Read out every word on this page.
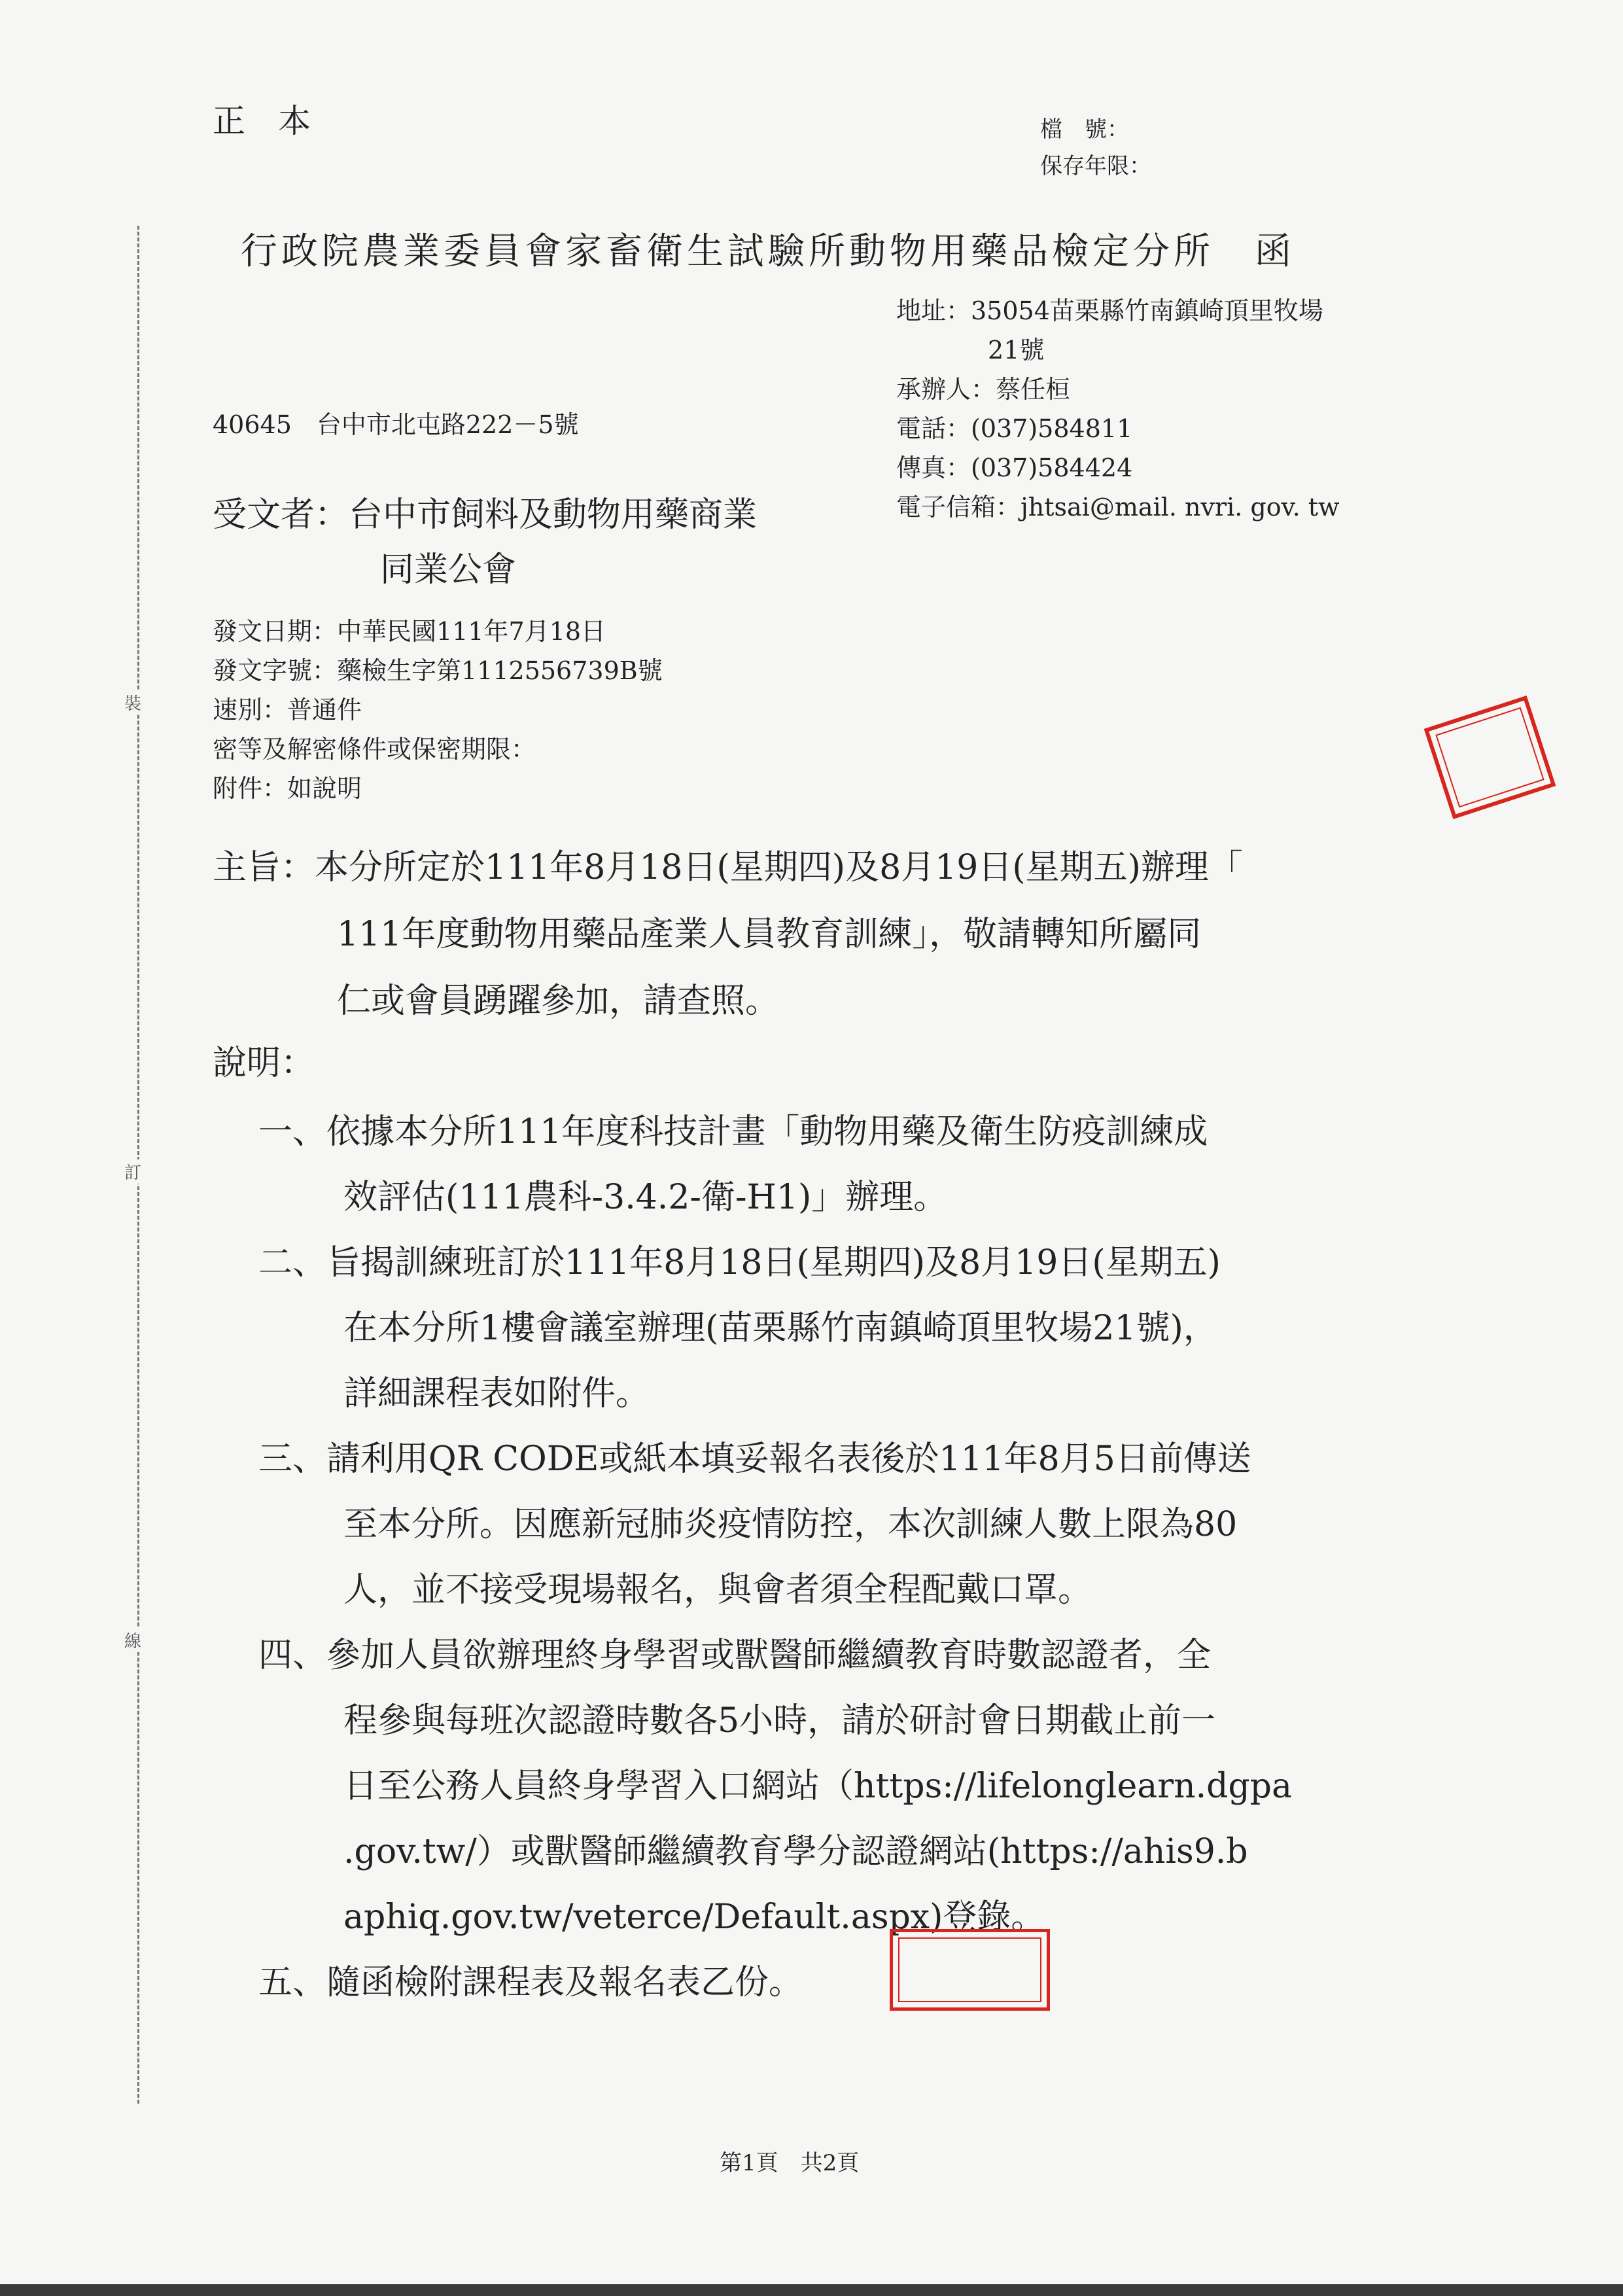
裝
訂
線
正本	檔　號：
保存年限：
行政院農業委員會家畜衛生試驗所動物用藥品檢定分所　函
地址：35054苗栗縣竹南鎮崎頂里牧場
21號
承辦人：蔡任桓
電話：(037)584811
傳真：(037)584424
電子信箱：jhtsai@mail. nvri. gov. tw
40645　台中市北屯路222－5號
受文者：台中市飼料及動物用藥商業
同業公會
發文日期：中華民國111年7月18日
發文字號：藥檢生字第1112556739B號
速別：普通件
密等及解密條件或保密期限：
附件：如說明
主旨：本分所定於111年8月18日(星期四)及8月19日(星期五)辦理「
111年度動物用藥品產業人員教育訓練」，敬請轉知所屬同
仁或會員踴躍參加，請查照。
說明：
一、依據本分所111年度科技計畫「動物用藥及衛生防疫訓練成
效評估(111農科-3.4.2-衛-H1)」辦理。
二、旨揭訓練班訂於111年8月18日(星期四)及8月19日(星期五)
在本分所1樓會議室辦理(苗栗縣竹南鎮崎頂里牧場21號)，
詳細課程表如附件。
三、請利用QR CODE或紙本填妥報名表後於111年8月5日前傳送
至本分所。因應新冠肺炎疫情防控，本次訓練人數上限為80
人，並不接受現場報名，與會者須全程配戴口罩。
四、參加人員欲辦理終身學習或獸醫師繼續教育時數認證者，全
程參與每班次認證時數各5小時，請於研討會日期截止前一
日至公務人員終身學習入口網站（https://lifelonglearn.dgpa
.gov.tw/）或獸醫師繼續教育學分認證網站(https://ahis9.b
aphiq.gov.tw/veterce/Default.aspx)登錄。
五、隨函檢附課程表及報名表乙份。
第1頁　共2頁
